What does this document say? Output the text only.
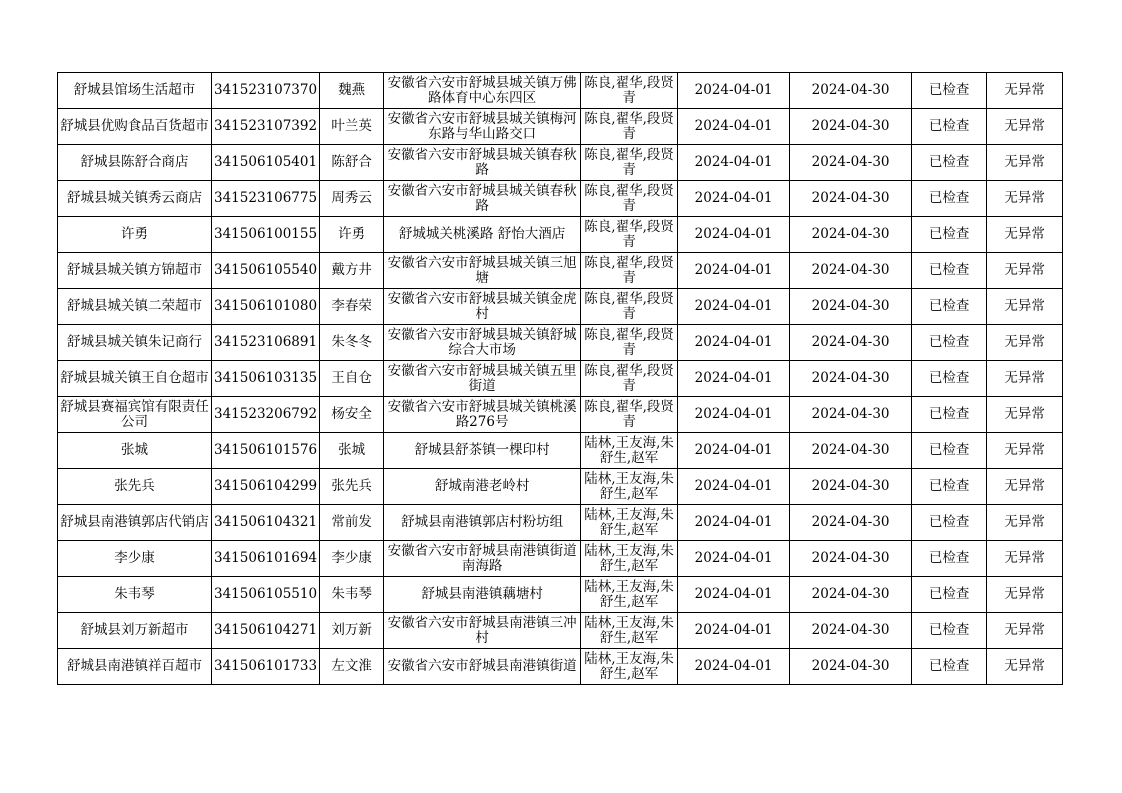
舒城县馆场生活超市	341523107370	魏燕	安徽省六安市舒城县城关镇万佛路体育中心东四区	陈良,翟华,段贤青	2024-04-01	2024-04-30	已检查	无异常
舒城县优购食品百货超市	341523107392	叶兰英	安徽省六安市舒城县城关镇梅河东路与华山路交口	陈良,翟华,段贤青	2024-04-01	2024-04-30	已检查	无异常
舒城县陈舒合商店	341506105401	陈舒合	安徽省六安市舒城县城关镇春秋路	陈良,翟华,段贤青	2024-04-01	2024-04-30	已检查	无异常
舒城县城关镇秀云商店	341523106775	周秀云	安徽省六安市舒城县城关镇春秋路	陈良,翟华,段贤青	2024-04-01	2024-04-30	已检查	无异常
许勇	341506100155	许勇	舒城城关桃溪路 舒怡大酒店	陈良,翟华,段贤青	2024-04-01	2024-04-30	已检查	无异常
舒城县城关镇方锦超市	341506105540	戴方井	安徽省六安市舒城县城关镇三旭塘	陈良,翟华,段贤青	2024-04-01	2024-04-30	已检查	无异常
舒城县城关镇二荣超市	341506101080	李春荣	安徽省六安市舒城县城关镇金虎村	陈良,翟华,段贤青	2024-04-01	2024-04-30	已检查	无异常
舒城县城关镇朱记商行	341523106891	朱冬冬	安徽省六安市舒城县城关镇舒城综合大市场	陈良,翟华,段贤青	2024-04-01	2024-04-30	已检查	无异常
舒城县城关镇王自仓超市	341506103135	王自仓	安徽省六安市舒城县城关镇五里街道	陈良,翟华,段贤青	2024-04-01	2024-04-30	已检查	无异常
舒城县赛福宾馆有限责任公司	341523206792	杨安全	安徽省六安市舒城县城关镇桃溪路276号	陈良,翟华,段贤青	2024-04-01	2024-04-30	已检查	无异常
张城	341506101576	张城	舒城县舒茶镇一棵印村	陆林,王友海,朱舒生,赵军	2024-04-01	2024-04-30	已检查	无异常
张先兵	341506104299	张先兵	舒城南港老岭村	陆林,王友海,朱舒生,赵军	2024-04-01	2024-04-30	已检查	无异常
舒城县南港镇郭店代销店	341506104321	常前发	舒城县南港镇郭店村粉坊组	陆林,王友海,朱舒生,赵军	2024-04-01	2024-04-30	已检查	无异常
李少康	341506101694	李少康	安徽省六安市舒城县南港镇街道南海路	陆林,王友海,朱舒生,赵军	2024-04-01	2024-04-30	已检查	无异常
朱韦琴	341506105510	朱韦琴	舒城县南港镇藕塘村	陆林,王友海,朱舒生,赵军	2024-04-01	2024-04-30	已检查	无异常
舒城县刘万新超市	341506104271	刘万新	安徽省六安市舒城县南港镇三冲村	陆林,王友海,朱舒生,赵军	2024-04-01	2024-04-30	已检查	无异常
舒城县南港镇祥百超市	341506101733	左文淮	安徽省六安市舒城县南港镇街道	陆林,王友海,朱舒生,赵军	2024-04-01	2024-04-30	已检查	无异常
